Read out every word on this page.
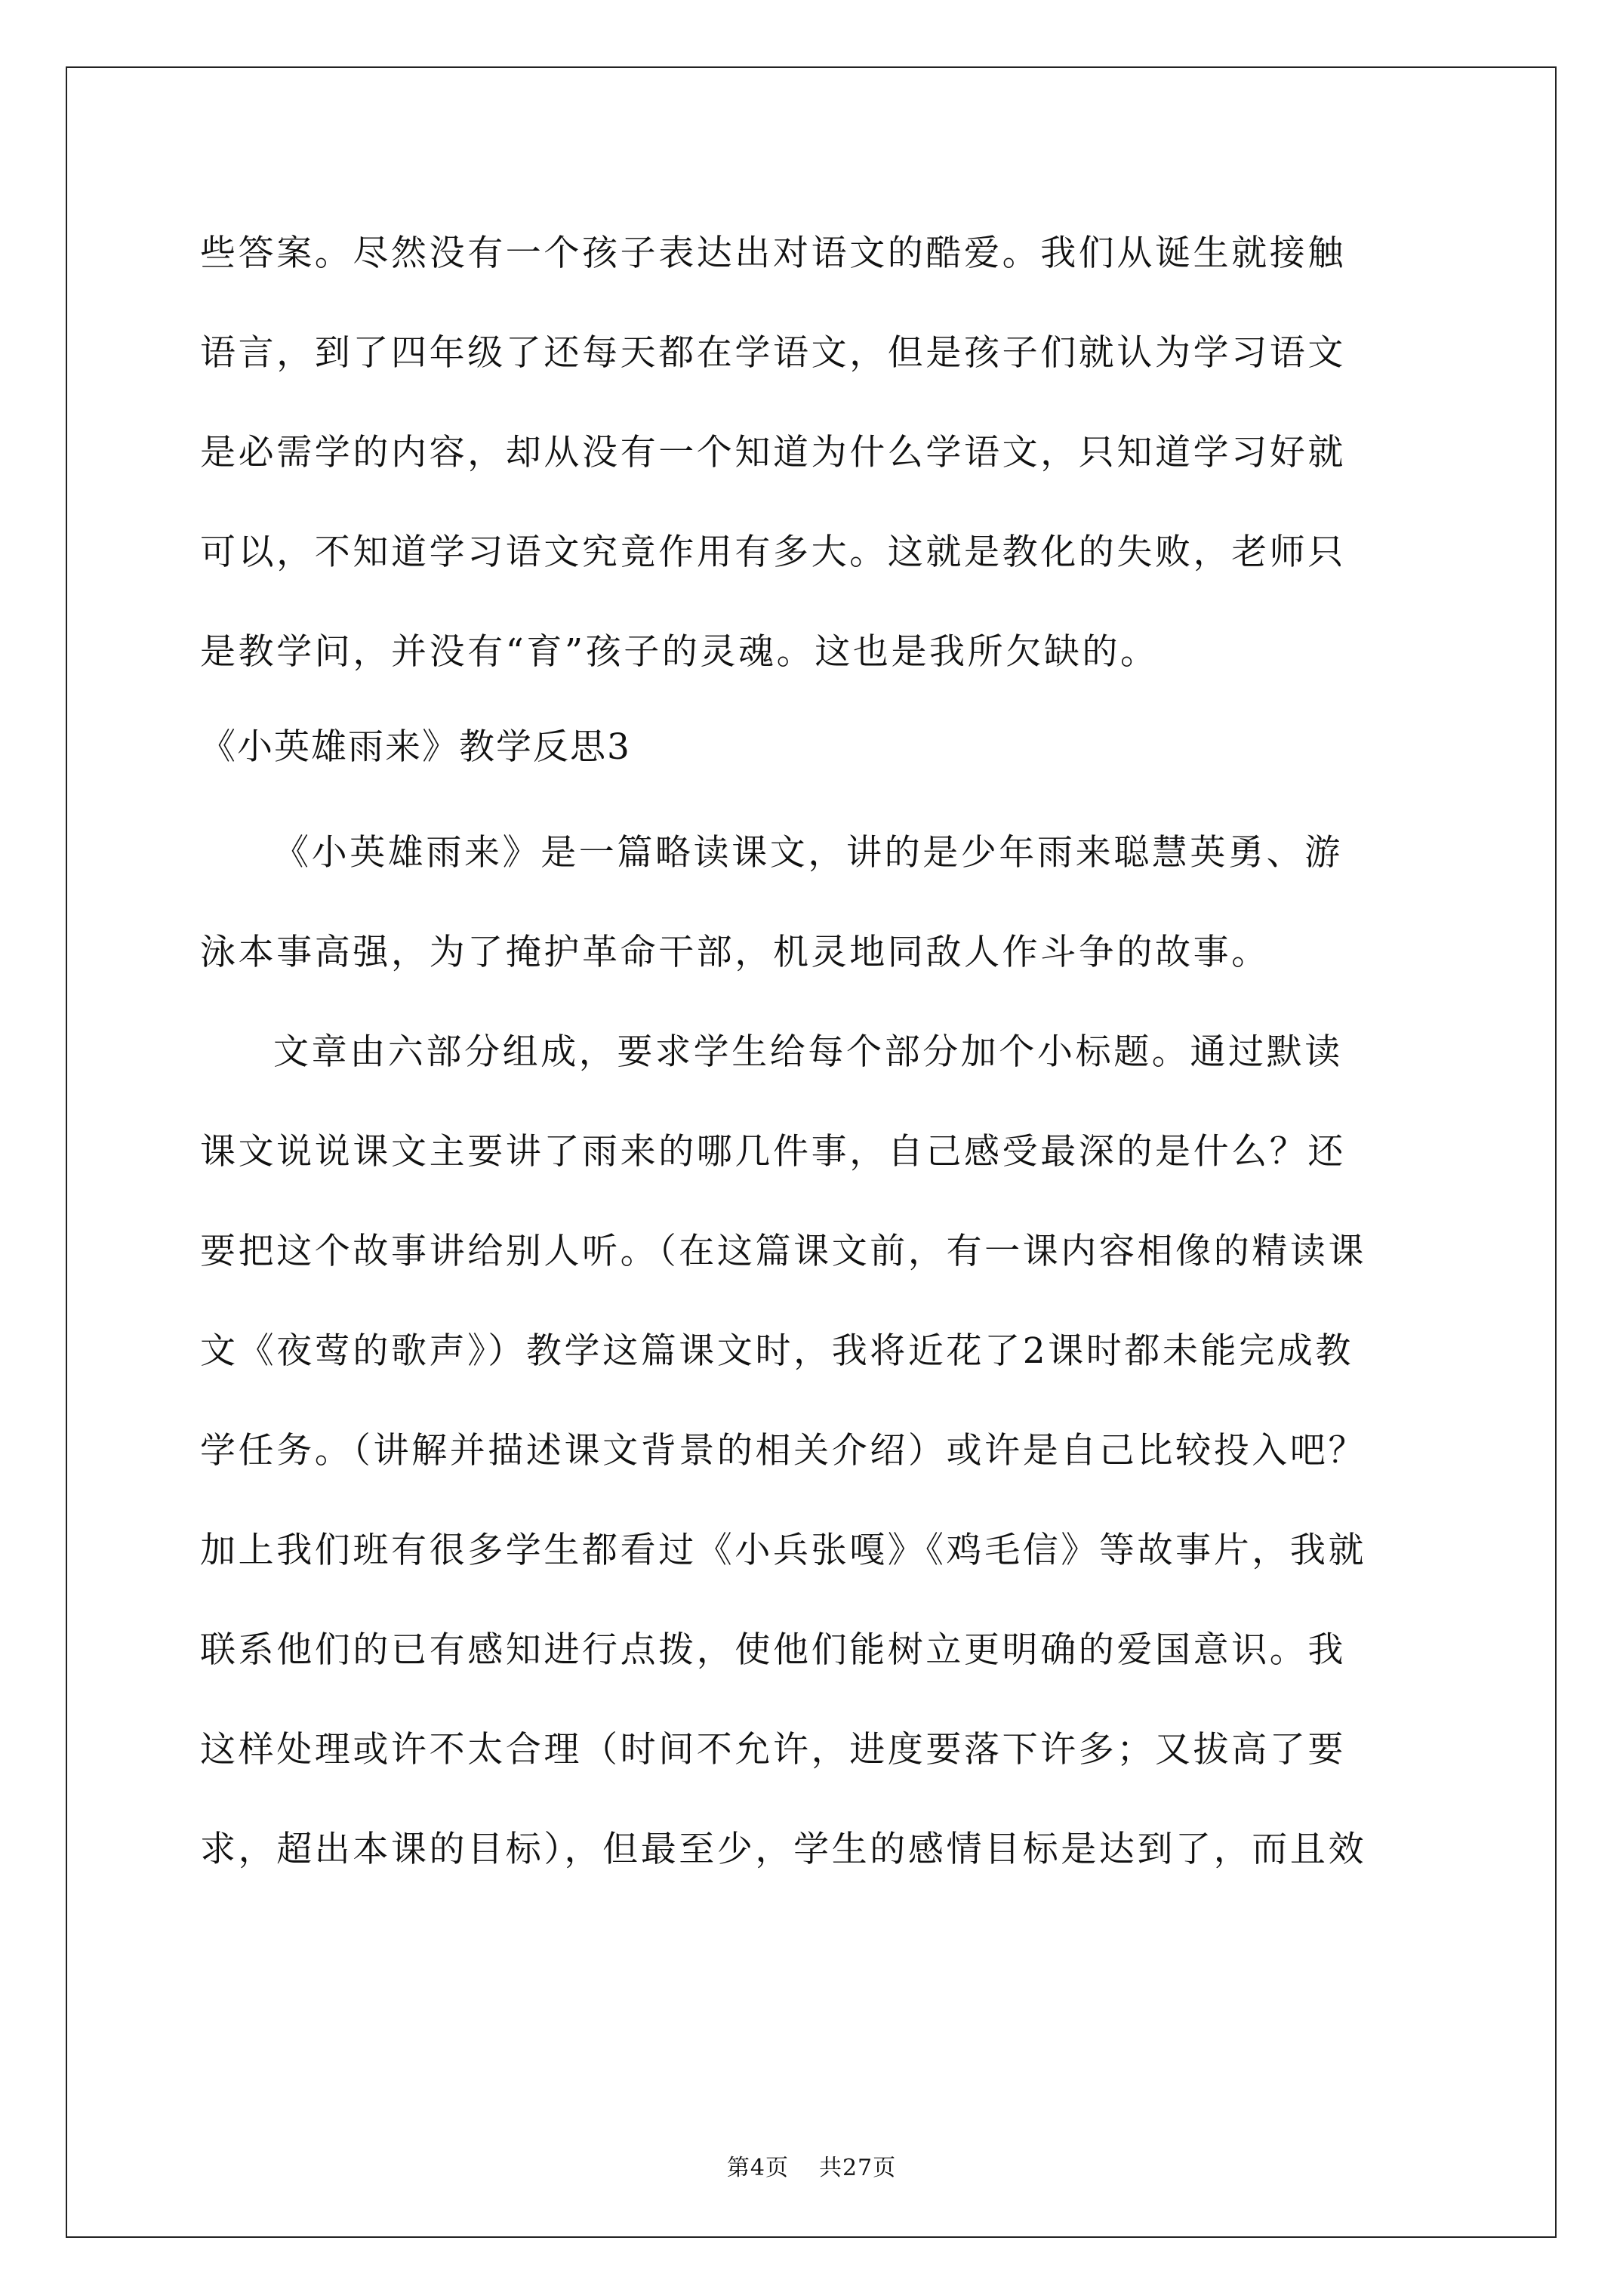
些答案。尽然没有一个孩子表达出对语文的酷爱。我们从诞生就接触
语言，到了四年级了还每天都在学语文，但是孩子们就认为学习语文
是必需学的内容，却从没有一个知道为什么学语文，只知道学习好就
可以，不知道学习语文究竟作用有多大。这就是教化的失败，老师只
是教学问，并没有“育”孩子的灵魂。这也是我所欠缺的。
《小英雄雨来》教学反思3
《小英雄雨来》是一篇略读课文，讲的是少年雨来聪慧英勇、游
泳本事高强，为了掩护革命干部，机灵地同敌人作斗争的故事。
文章由六部分组成，要求学生给每个部分加个小标题。通过默读
课文说说课文主要讲了雨来的哪几件事，自己感受最深的是什么？还
要把这个故事讲给别人听。（在这篇课文前，有一课内容相像的精读课
文《夜莺的歌声》）教学这篇课文时，我将近花了2课时都未能完成教
学任务。（讲解并描述课文背景的相关介绍）或许是自己比较投入吧？
加上我们班有很多学生都看过《小兵张嘎》《鸡毛信》等故事片，我就
联系他们的已有感知进行点拨，使他们能树立更明确的爱国意识。我
这样处理或许不太合理（时间不允许，进度要落下许多；又拔高了要
求，超出本课的目标），但最至少，学生的感情目标是达到了，而且效
第4页 共27页
